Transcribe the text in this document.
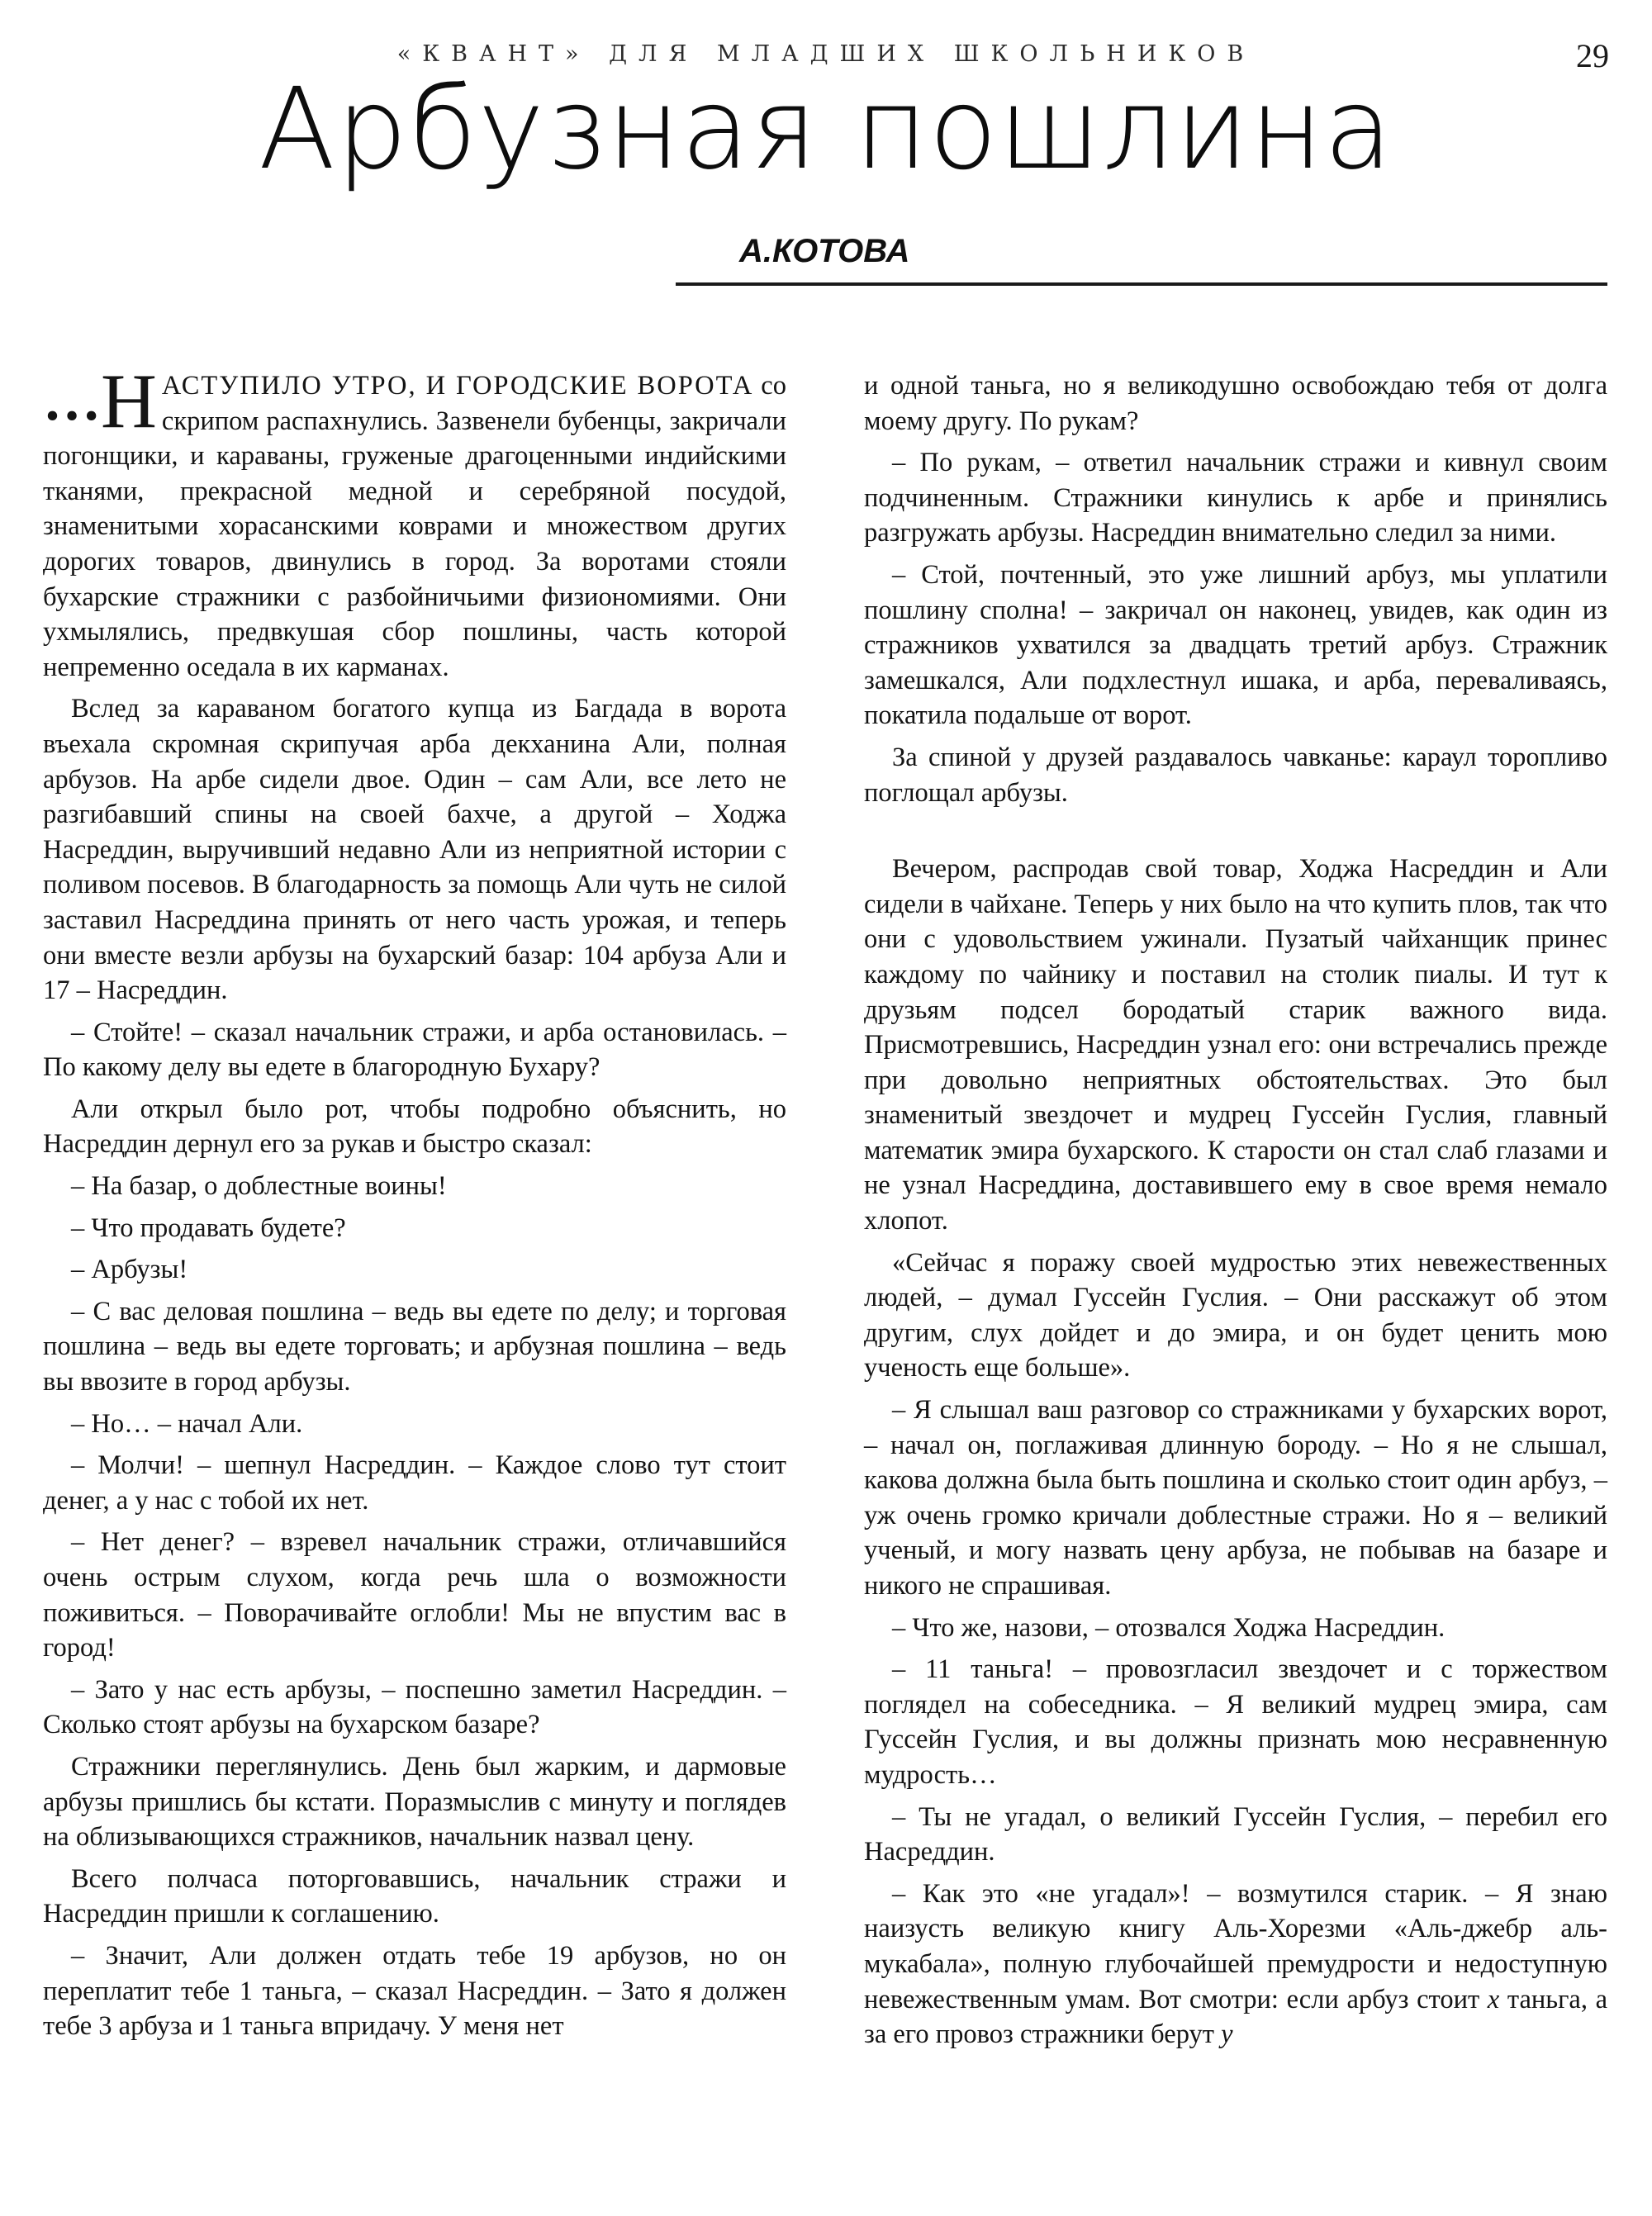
«КВАНТ» ДЛЯ МЛАДШИХ ШКОЛЬНИКОВ	29
Арбузная пошлина
А.КОТОВА

… Н АСТУПИЛО УТРО, И ГОРОДСКИЕ ВОРОТА со скрипом распахнулись. Зазвенели бубенцы, закричали погонщики, и караваны, груженые драгоценными индийскими тканями, прекрасной медной и серебряной посудой, знаменитыми хорасанскими коврами и множеством других дорогих товаров, двинулись в город. За воротами стояли бухарские стражники с разбойничьими физиономиями. Они ухмылялись, предвкушая сбор пошлины, часть которой непременно оседала в их карманах.

Вслед за караваном богатого купца из Багдада в ворота въехала скромная скрипучая арба декханина Али, полная арбузов. На арбе сидели двое. Один – сам Али, все лето не разгибавший спины на своей бахче, а другой – Ходжа Насреддин, выручивший недавно Али из неприятной истории с поливом посевов. В благодарность за помощь Али чуть не силой заставил Насреддина принять от него часть урожая, и теперь они вместе везли арбузы на бухарский базар: 104 арбуза Али и 17 – Насреддин.

– Стойте! – сказал начальник стражи, и арба остановилась. – По какому делу вы едете в благородную Бухару?

Али открыл было рот, чтобы подробно объяснить, но Насреддин дернул его за рукав и быстро сказал:

– На базар, о доблестные воины!

– Что продавать будете?

– Арбузы!

– С вас деловая пошлина – ведь вы едете по делу; и торговая пошлина – ведь вы едете торговать; и арбузная пошлина – ведь вы ввозите в город арбузы.

– Но… – начал Али.

– Молчи! – шепнул Насреддин. – Каждое слово тут стоит денег, а у нас с тобой их нет.

– Нет денег? – взревел начальник стражи, отличавшийся очень острым слухом, когда речь шла о возможности поживиться. – Поворачивайте оглобли! Мы не впустим вас в город!

– Зато у нас есть арбузы, – поспешно заметил Насреддин. – Сколько стоят арбузы на бухарском базаре?

Стражники переглянулись. День был жарким, и дармовые арбузы пришлись бы кстати. Поразмыслив с минуту и поглядев на облизывающихся стражников, начальник назвал цену.

Всего полчаса поторговавшись, начальник стражи и Насреддин пришли к соглашению.

– Значит, Али должен отдать тебе 19 арбузов, но он переплатит тебе 1 таньга, – сказал Насреддин. – Зато я должен тебе 3 арбуза и 1 таньга впридачу. У меня нет

и одной таньга, но я великодушно освобождаю тебя от долга моему другу. По рукам?

– По рукам, – ответил начальник стражи и кивнул своим подчиненным. Стражники кинулись к арбе и принялись разгружать арбузы. Насреддин внимательно следил за ними.

– Стой, почтенный, это уже лишний арбуз, мы уплатили пошлину сполна! – закричал он наконец, увидев, как один из стражников ухватился за двадцать третий арбуз. Стражник замешкался, Али подхлестнул ишака, и арба, переваливаясь, покатила подальше от ворот.

За спиной у друзей раздавалось чавканье: караул торопливо поглощал арбузы.

Вечером, распродав свой товар, Ходжа Насреддин и Али сидели в чайхане. Теперь у них было на что купить плов, так что они с удовольствием ужинали. Пузатый чайханщик принес каждому по чайнику и поставил на столик пиалы. И тут к друзьям подсел бородатый старик важного вида. Присмотревшись, Насреддин узнал его: они встречались прежде при довольно неприятных обстоятельствах. Это был знаменитый звездочет и мудрец Гуссейн Гуслия, главный математик эмира бухарского. К старости он стал слаб глазами и не узнал Насреддина, доставившего ему в свое время немало хлопот.

«Сейчас я поражу своей мудростью этих невежественных людей, – думал Гуссейн Гуслия. – Они расскажут об этом другим, слух дойдет и до эмира, и он будет ценить мою ученость еще больше».

– Я слышал ваш разговор со стражниками у бухарских ворот, – начал он, поглаживая длинную бороду. – Но я не слышал, какова должна была быть пошлина и сколько стоит один арбуз, – уж очень громко кричали доблестные стражи. Но я – великий ученый, и могу назвать цену арбуза, не побывав на базаре и никого не спрашивая.

– Что же, назови, – отозвался Ходжа Насреддин.

– 11 таньга! – провозгласил звездочет и с торжеством поглядел на собеседника. – Я великий мудрец эмира, сам Гуссейн Гуслия, и вы должны признать мою несравненную мудрость…

– Ты не угадал, о великий Гуссейн Гуслия, – перебил его Насреддин.

– Как это «не угадал»! – возмутился старик. – Я знаю наизусть великую книгу Аль-Хорезми «Аль-джебр аль-мукабала», полную глубочайшей премудрости и недоступную невежественным умам. Вот смотри: если арбуз стоит x таньга, а за его провоз стражники берут y
